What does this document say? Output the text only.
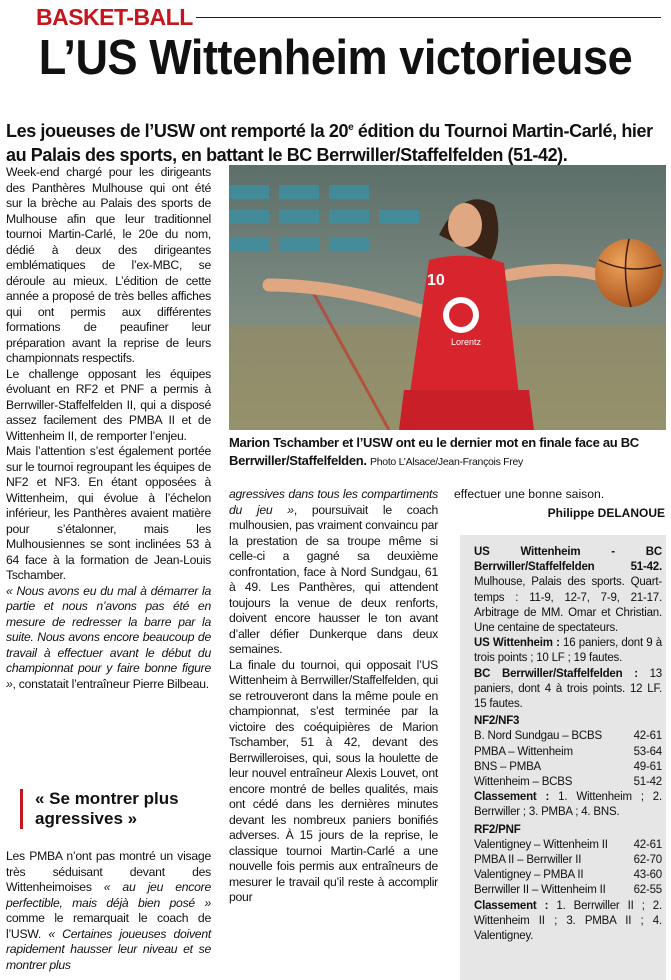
BASKET-BALL
L’US Wittenheim victorieuse
Les joueuses de l’USW ont remporté la 20e édition du Tournoi Martin-Carlé, hier au Palais des sports, en battant le BC Berrwiller/Staffelfelden (51-42).

Week-end chargé pour les dirigeants des Panthères Mulhouse qui ont été sur la brèche au Palais des sports de Mulhouse afin que leur traditionnel tournoi Martin-Carlé, le 20e du nom, dédié à deux des dirigeantes emblématiques de l’ex-MBC, se déroule au mieux. L’édition de cette année a proposé de très belles affiches qui ont permis aux différentes formations de peaufiner leur préparation avant la reprise de leurs championnats respectifs.

Le challenge opposant les équipes évoluant en RF2 et PNF a permis à Berrwiller-Staffelfelden II, qui a disposé assez facilement des PMBA II et de Wittenheim II, de remporter l’enjeu.

Mais l’attention s’est également portée sur le tournoi regroupant les équipes de NF2 et NF3. En étant opposées à Wittenheim, qui évolue à l’échelon inférieur, les Panthères avaient matière pour s’étalonner, mais les Mulhousiennes se sont inclinées 53 à 64 face à la formation de Jean-Louis Tschamber.

« Nous avons eu du mal à démarrer la partie et nous n’avons pas été en mesure de redresser la barre par la suite. Nous avons encore beaucoup de travail à effectuer avant le début du championnat pour y faire bonne figure », constatait l’entraîneur Pierre Bilbeau.

« Se montrer plus agressives »

Les PMBA n’ont pas montré un visage très séduisant devant des Wittenheimoises « au jeu encore perfectible, mais déjà bien posé » comme le remarquait le coach de l’USW. « Certaines joueuses doivent rapidement hausser leur niveau et se montrer plus

10
Lorentz
Marion Tschamber et l’USW ont eu le dernier mot en finale face au BC Berrwiller/Staffelfelden. Photo L’Alsace/Jean-François Frey

agressives dans tous les compartiments du jeu », poursuivait le coach mulhousien, pas vraiment convaincu par la prestation de sa troupe même si celle-ci a gagné sa deuxième confrontation, face à Nord Sundgau, 61 à 49. Les Panthères, qui attendent toujours la venue de deux renforts, doivent encore hausser le ton avant d’aller défier Dunkerque dans deux semaines.

La finale du tournoi, qui opposait l’US Wittenheim à Berrwiller/Staffelfelden, qui se retrouveront dans la même poule en championnat, s’est terminée par la victoire des coéquipières de Marion Tschamber, 51 à 42, devant des Berrwilleroises, qui, sous la houlette de leur nouvel entraîneur Alexis Louvet, ont encore montré de belles qualités, mais ont cédé dans les dernières minutes devant les nombreux paniers bonifiés adverses. À 15 jours de la reprise, le classique tournoi Martin-Carlé a une nouvelle fois permis aux entraîneurs de mesurer le travail qu’il reste à accomplir pour

effectuer une bonne saison.
Philippe DELANOUE

US Wittenheim - BC Berrwiller/Staffelfelden 51-42. Mulhouse, Palais des sports. Quart-temps : 11-9, 12-7, 7-9, 21-17. Arbitrage de MM. Omar et Christian. Une centaine de spectateurs.

US Wittenheim : 16 paniers, dont 9 à trois points ; 10 LF ; 19 fautes.

BC Berrwiller/Staffelfelden : 13 paniers, dont 4 à trois points. 12 LF. 15 fautes.

NF2/NF3

B. Nord Sundgau – BCBS	42-61
PMBA – Wittenheim	53-64
BNS – PMBA	49-61
Wittenheim – BCBS	51-42

Classement : 1. Wittenheim ; 2. Berrwiller ; 3. PMBA ; 4. BNS.

RF2/PNF

Valentigney – Wittenheim II 42-61
PMBA II – Berrwiller II	62-70
Valentigney – PMBA II	43-60
Berrwiller II – Wittenheim II 62-55

Classement : 1. Berrwiller II ; 2. Wittenheim II ; 3. PMBA II ; 4. Valentigney.
